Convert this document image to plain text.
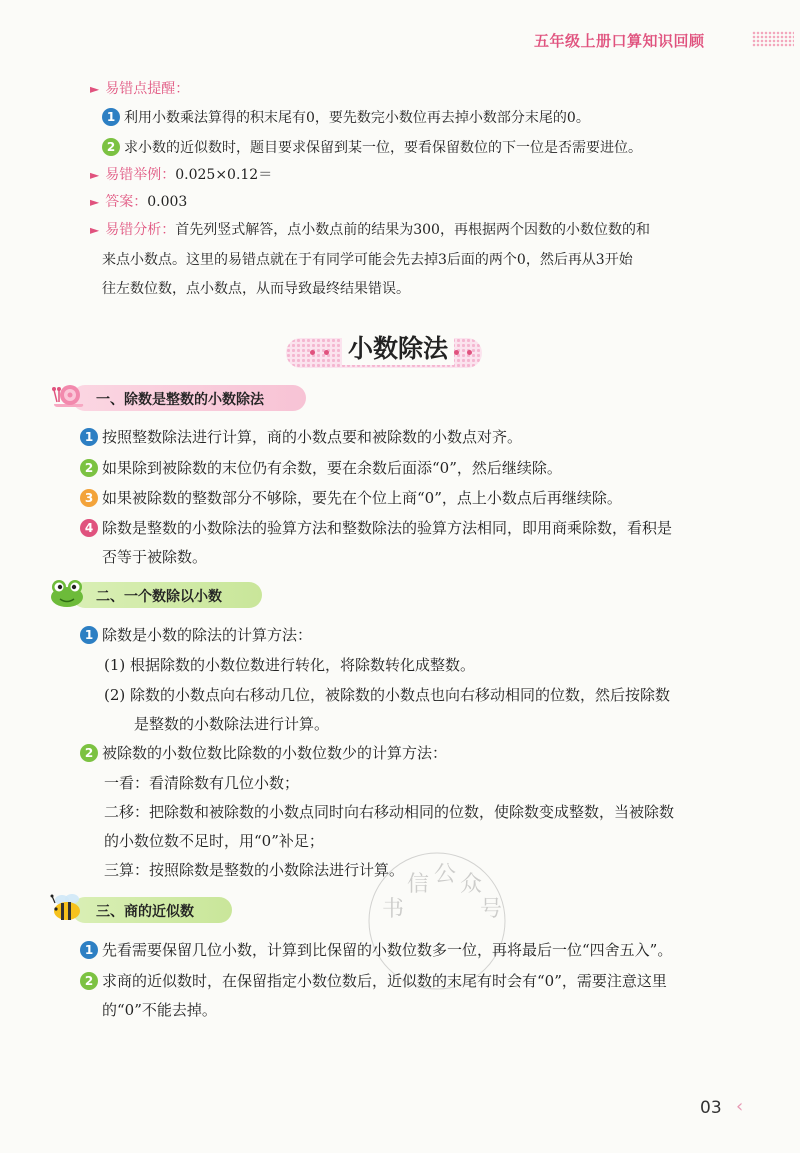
五年级上册口算知识回顾
► 易错点提醒：
1 利用小数乘法算得的积末尾有0，要先数完小数位再去掉小数部分末尾的0。
2 求小数的近似数时，题目要求保留到某一位，要看保留数位的下一位是否需要进位。
► 易错举例：0.025×0.12＝
► 答案：0.003
► 易错分析：首先列竖式解答，点小数点前的结果为300，再根据两个因数的小数位数的和
来点小数点。这里的易错点就在于有同学可能会先去掉3后面的两个0，然后再从3开始
往左数位数，点小数点，从而导致最终结果错误。
小数除法
一、除数是整数的小数除法
1 按照整数除法进行计算，商的小数点要和被除数的小数点对齐。
2 如果除到被除数的末位仍有余数，要在余数后面添“0”，然后继续除。
3 如果被除数的整数部分不够除，要先在个位上商“0”，点上小数点后再继续除。
4 除数是整数的小数除法的验算方法和整数除法的验算方法相同，即用商乘除数，看积是
否等于被除数。
二、一个数除以小数
1 除数是小数的除法的计算方法：
(1) 根据除数的小数位数进行转化，将除数转化成整数。
(2) 除数的小数点向右移动几位，被除数的小数点也向右移动相同的位数，然后按除数
是整数的小数除法进行计算。
2 被除数的小数位数比除数的小数位数少的计算方法：
一看：看清除数有几位小数；
二移：把除数和被除数的小数点同时向右移动相同的位数，使除数变成整数，当被除数
的小数位数不足时，用“0”补足；
三算：按照除数是整数的小数除法进行计算。
三、商的近似数
1 先看需要保留几位小数，计算到比保留的小数位数多一位，再将最后一位“四舍五入”。
2 求商的近似数时，在保留指定小数位数后，近似数的末尾有时会有“0”，需要注意这里
的“0”不能去掉。
书
信 公 众
号
03 ‹
